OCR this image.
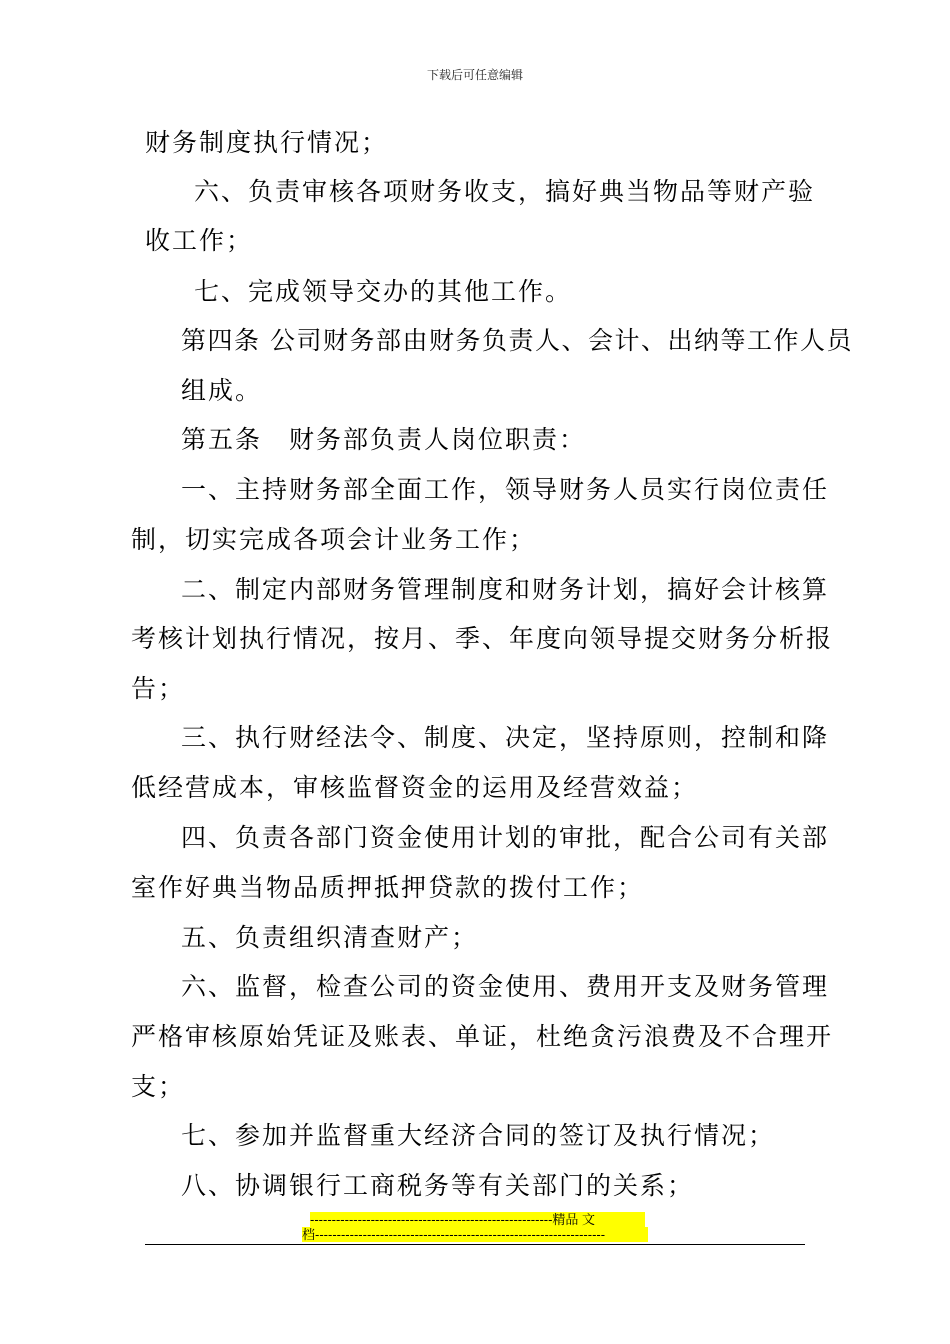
下载后可任意编辑
财务制度执行情况；
六、负责审核各项财务收支，搞好典当物品等财产验
收工作；
七、完成领导交办的其他工作。
第四条 公司财务部由财务负责人、会计、出纳等工作人员
组成。
第五条　财务部负责人岗位职责：
一、主持财务部全面工作，领导财务人员实行岗位责任
制，切实完成各项会计业务工作；
二、制定内部财务管理制度和财务计划，搞好会计核算
考核计划执行情况，按月、季、年度向领导提交财务分析报
告；
三、执行财经法令、制度、决定，坚持原则，控制和降
低经营成本，审核监督资金的运用及经营效益；
四、负责各部门资金使用计划的审批，配合公司有关部
室作好典当物品质押抵押贷款的拨付工作；
五、负责组织清查财产；
六、监督，检查公司的资金使用、费用开支及财务管理
严格审核原始凭证及账表、单证，杜绝贪污浪费及不合理开
支；
七、参加并监督重大经济合同的签订及执行情况；
八、协调银行工商税务等有关部门的关系；
--------------------------------------------------------精品 文
档-------------------------------------------------------------------
